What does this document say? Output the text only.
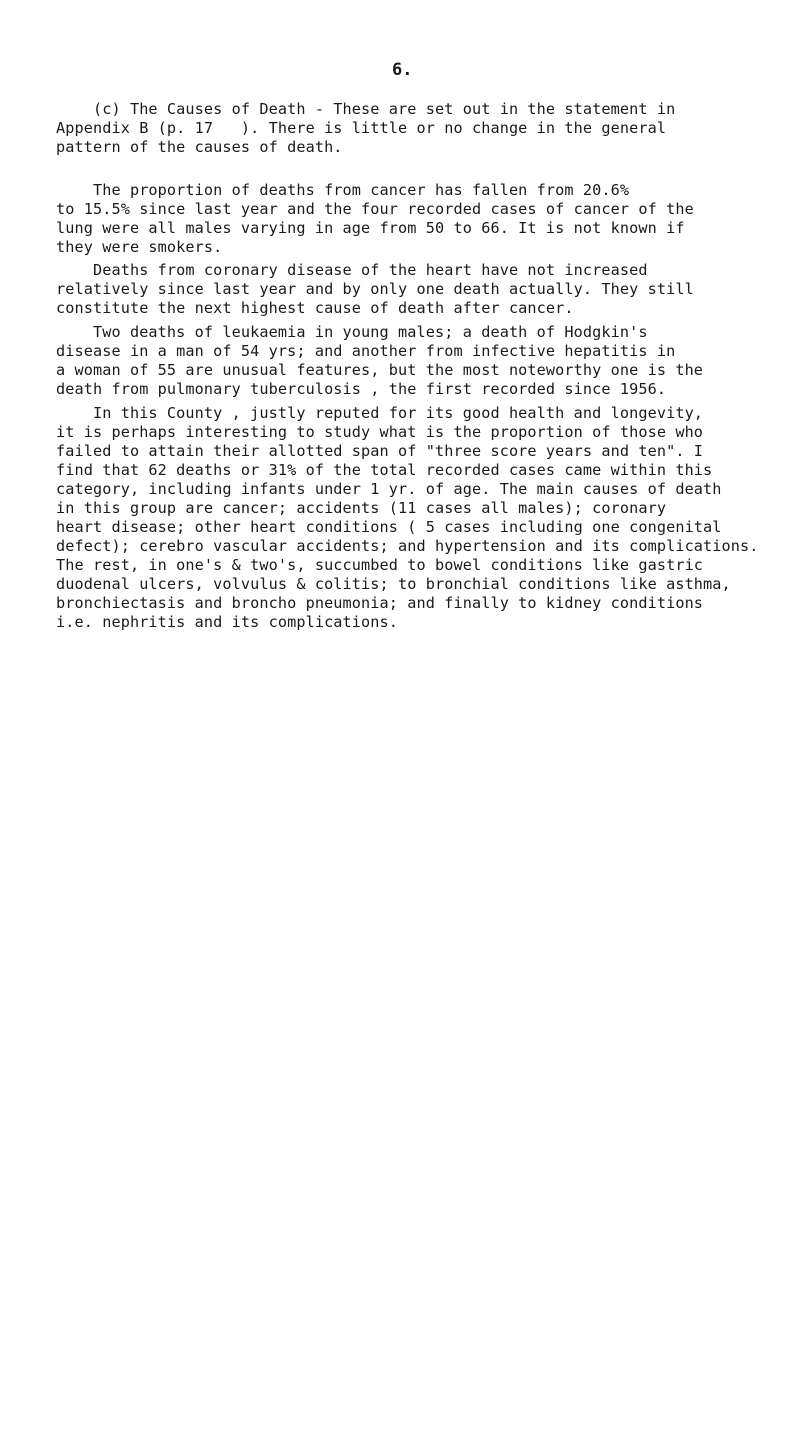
6.
(c) The Causes of Death - These are set out in the statement in
Appendix B (p. 17   ). There is little or no change in the general
pattern of the causes of death.
The proportion of deaths from cancer has fallen from 20.6%
to 15.5% since last year and the four recorded cases of cancer of the
lung were all males varying in age from 50 to 66. It is not known if
they were smokers.
Deaths from coronary disease of the heart have not increased
relatively since last year and by only one death actually. They still
constitute the next highest cause of death after cancer.
Two deaths of leukaemia in young males; a death of Hodgkin's
disease in a man of 54 yrs; and another from infective hepatitis in
a woman of 55 are unusual features, but the most noteworthy one is the
death from pulmonary tuberculosis , the first recorded since 1956.
In this County , justly reputed for its good health and longevity,
it is perhaps interesting to study what is the proportion of those who
failed to attain their allotted span of "three score years and ten". I
find that 62 deaths or 31% of the total recorded cases came within this
category, including infants under 1 yr. of age. The main causes of death
in this group are cancer; accidents (11 cases all males); coronary
heart disease; other heart conditions ( 5 cases including one congenital
defect); cerebro vascular accidents; and hypertension and its complications.
The rest, in one's & two's, succumbed to bowel conditions like gastric
duodenal ulcers, volvulus & colitis; to bronchial conditions like asthma,
bronchiectasis and broncho pneumonia; and finally to kidney conditions
i.e. nephritis and its complications.
